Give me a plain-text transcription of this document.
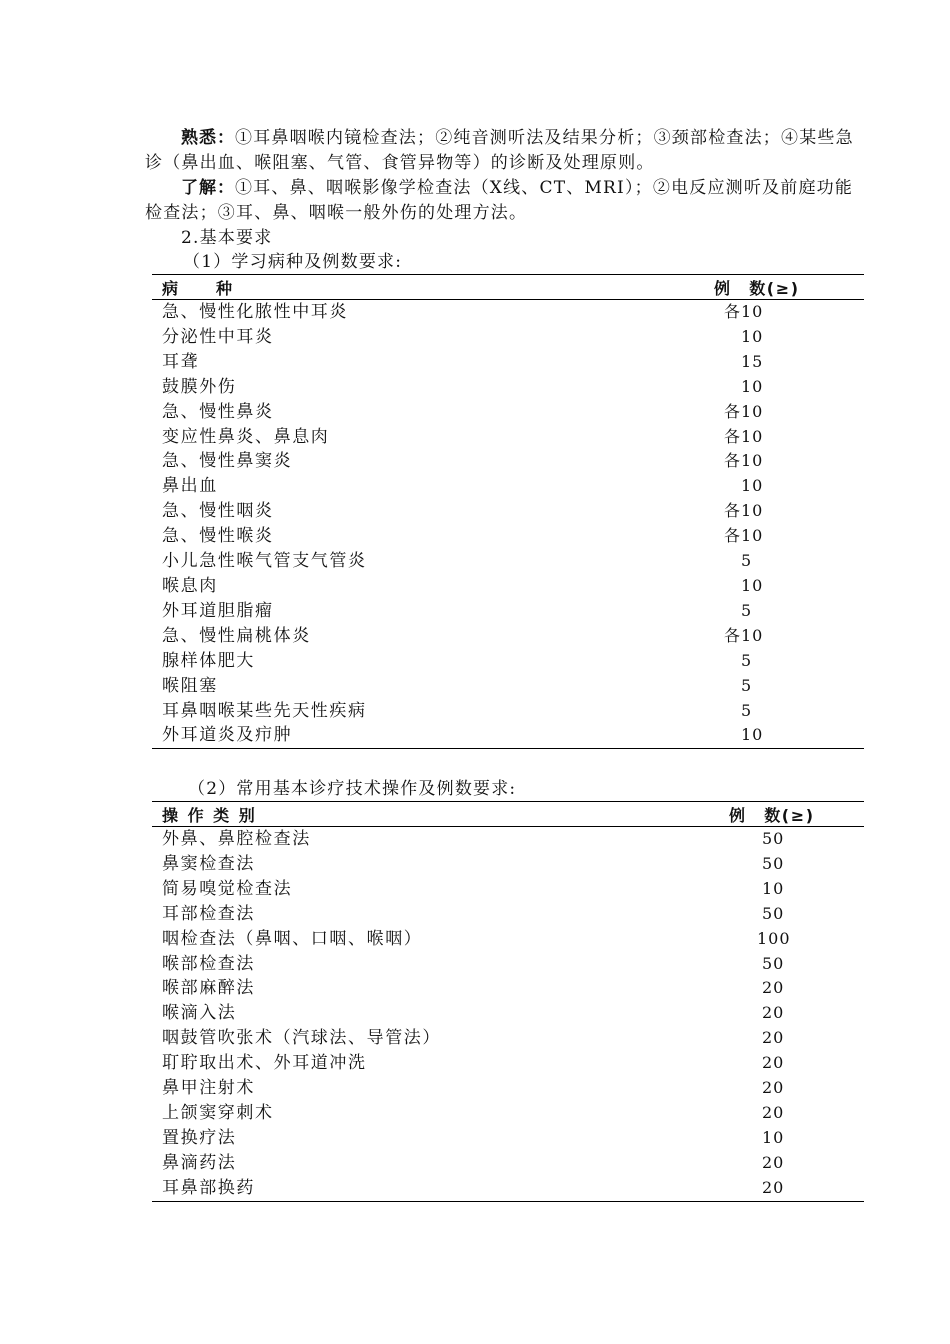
熟悉：①耳鼻咽喉内镜检查法；②纯音测听法及结果分析；③颈部检查法；④某些急诊（鼻出血、喉阻塞、气管、食管异物等）的诊断及处理原则。

了解：①耳、鼻、咽喉影像学检查法（X线、CT、MRI）；②电反应测听及前庭功能检查法；③耳、鼻、咽喉一般外伤的处理方法。

2.基本要求

（1）学习病种及例数要求:

病　　种	例　数(≥)
急、慢性化脓性中耳炎	各10
分泌性中耳炎	10
耳聋	15
鼓膜外伤	10
急、慢性鼻炎	各10
变应性鼻炎、鼻息肉	各10
急、慢性鼻窦炎	各10
鼻出血	10
急、慢性咽炎	各10
急、慢性喉炎	各10
小儿急性喉气管支气管炎	5
喉息肉	10
外耳道胆脂瘤	5
急、慢性扁桃体炎	各10
腺样体肥大	5
喉阻塞	5
耳鼻咽喉某些先天性疾病	5
外耳道炎及疖肿	10

（2）常用基本诊疗技术操作及例数要求:

操 作 类 别	例　数(≥)
外鼻、鼻腔检查法	50
鼻窦检查法	50
简易嗅觉检查法	10
耳部检查法	50
咽检查法（鼻咽、口咽、喉咽）	100
喉部检查法	50
喉部麻醉法	20
喉滴入法	20
咽鼓管吹张术（汽球法、导管法）	20
耵聍取出术、外耳道冲洗	20
鼻甲注射术	20
上颌窦穿刺术	20
置换疗法	10
鼻滴药法	20
耳鼻部换药	20
